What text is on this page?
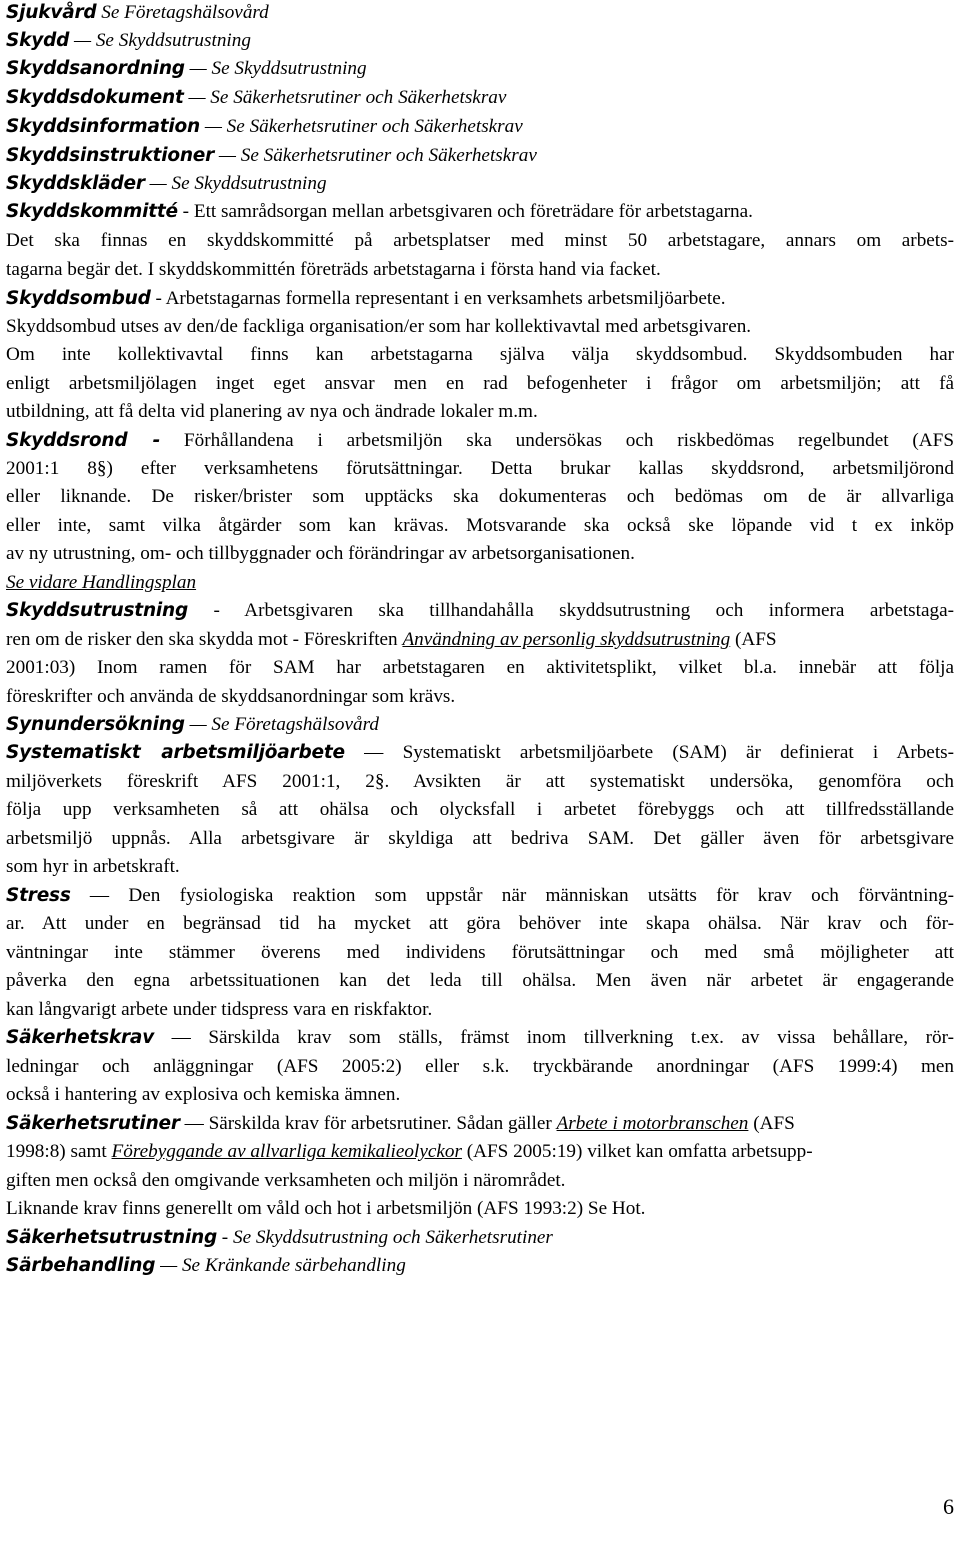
Sjukvård Se Företagshälsovård
Skydd — Se Skyddsutrustning
Skyddsanordning — Se Skyddsutrustning
Skyddsdokument — Se Säkerhetsrutiner och Säkerhetskrav
Skyddsinformation — Se Säkerhetsrutiner och Säkerhetskrav
Skyddsinstruktioner — Se Säkerhetsrutiner och Säkerhetskrav
Skyddskläder — Se Skyddsutrustning
Skyddskommitté - Ett samrådsorgan mellan arbetsgivaren och företrädare för arbetstagarna.
Det ska finnas en skyddskommitté på arbetsplatser med minst 50 arbetstagare, annars om arbets-
tagarna begär det. I skyddskommittén företräds arbetstagarna i första hand via facket.
Skyddsombud - Arbetstagarnas formella representant i en verksamhets arbetsmiljöarbete.
Skyddsombud utses av den/de fackliga organisation/er som har kollektivavtal med arbetsgivaren.
Om inte kollektivavtal finns kan arbetstagarna själva välja skyddsombud. Skyddsombuden har
enligt arbetsmiljölagen inget eget ansvar men en rad befogenheter i frågor om arbetsmiljön; att få
utbildning, att få delta vid planering av nya och ändrade lokaler m.m.
Skyddsrond - Förhållandena i arbetsmiljön ska undersökas och riskbedömas regelbundet (AFS
2001:1 8§) efter verksamhetens förutsättningar. Detta brukar kallas skyddsrond, arbetsmiljörond
eller liknande. De risker/brister som upptäcks ska dokumenteras och bedömas om de är allvarliga
eller inte, samt vilka åtgärder som kan krävas. Motsvarande ska också ske löpande vid t ex inköp
av ny utrustning, om- och tillbyggnader och förändringar av arbetsorganisationen.
Se vidare Handlingsplan
Skyddsutrustning - Arbetsgivaren ska tillhandahålla skyddsutrustning och informera arbetstaga-
ren om de risker den ska skydda mot - Föreskriften Användning av personlig skyddsutrustning (AFS
2001:03) Inom ramen för SAM har arbetstagaren en aktivitetsplikt, vilket bl.a. innebär att följa
föreskrifter och använda de skyddsanordningar som krävs.
Synundersökning — Se Företagshälsovård
Systematiskt arbetsmiljöarbete — Systematiskt arbetsmiljöarbete (SAM) är definierat i Arbets-
miljöverkets föreskrift AFS 2001:1, 2§. Avsikten är att systematiskt undersöka, genomföra och
följa upp verksamheten så att ohälsa och olycksfall i arbetet förebyggs och att tillfredsställande
arbetsmiljö uppnås. Alla arbetsgivare är skyldiga att bedriva SAM. Det gäller även för arbetsgivare
som hyr in arbetskraft.
Stress — Den fysiologiska reaktion som uppstår när människan utsätts för krav och förväntning-
ar. Att under en begränsad tid ha mycket att göra behöver inte skapa ohälsa. När krav och för-
väntningar inte stämmer överens med individens förutsättningar och med små möjligheter att
påverka den egna arbetssituationen kan det leda till ohälsa. Men även när arbetet är engagerande
kan långvarigt arbete under tidspress vara en riskfaktor.
Säkerhetskrav — Särskilda krav som ställs, främst inom tillverkning t.ex. av vissa behållare, rör-
ledningar och anläggningar (AFS 2005:2) eller s.k. tryckbärande anordningar (AFS 1999:4) men
också i hantering av explosiva och kemiska ämnen.
Säkerhetsrutiner — Särskilda krav för arbetsrutiner. Sådan gäller Arbete i motorbranschen (AFS
1998:8) samt Förebyggande av allvarliga kemikalieolyckor (AFS 2005:19) vilket kan omfatta arbetsupp-
giften men också den omgivande verksamheten och miljön i närområdet.
Liknande krav finns generellt om våld och hot i arbetsmiljön (AFS 1993:2) Se Hot.
Säkerhetsutrustning - Se Skyddsutrustning och Säkerhetsrutiner
Särbehandling — Se Kränkande särbehandling
6
